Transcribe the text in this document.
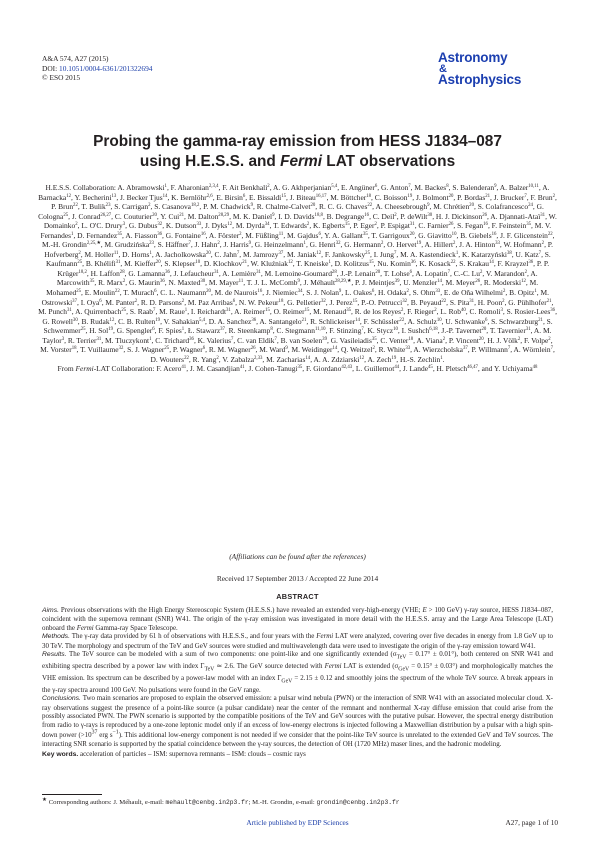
A&A 574, A27 (2015)
DOI: 10.1051/0004-6361/201322694
© ESO 2015
Astronomy
&
Astrophysics
Probing the gamma-ray emission from HESS J1834–087
using H.E.S.S. and Fermi LAT observations
H.E.S.S. Collaboration: A. Abramowski$^1$, F. Aharonian$^{2,3,4}$, F. Ait Benkhali$^2$, A. G. Akhperjanian$^{5,4}$, E. Angüner$^6$, G. Anton$^7$, M. Backes$^8$, S. Balenderan$^9$, A. Balzer$^{10,11}$, A. Barnacka$^{12}$, Y. Becherini$^{13}$, J. Becker Tjus$^{14}$, K. Bernlöhr$^{2,6}$, E. Birsin$^6$, E. Bissaldi$^{15}$, J. Biteau$^{16,17}$, M. Böttcher$^{18}$, C. Boisson$^{19}$, J. Bolmont$^{20}$, P. Bordas$^{21}$, J. Brucker$^7$, F. Brun$^2$, P. Brun$^{22}$, T. Bulik$^{23}$, S. Carrigan$^2$, S. Casanova$^{18,2}$, P. M. Chadwick$^9$, R. Chalme-Calvet$^{20}$, R. C. G. Chaves$^{22}$, A. Cheesebrough$^9$, M. Chrétien$^{20}$, S. Colafrancesco$^{24}$, G. Cologna$^{25}$, J. Conrad$^{26,27}$, C. Couturier$^{20}$, Y. Cui$^{21}$, M. Dalton$^{28,29}$, M. K. Daniel$^9$, I. D. Davids$^{18,8}$, B. Degrange$^{16}$, C. Deil$^2$, P. deWilt$^{30}$, H. J. Dickinson$^{26}$, A. Djannati-Ataï$^{31}$, W. Domainko$^2$, L. O'C. Drury$^3$, G. Dubus$^{32}$, K. Dutson$^{33}$, J. Dyks$^{12}$, M. Dyrda$^{34}$, T. Edwards$^2$, K. Egberts$^{15}$, P. Eger$^2$, P. Espigat$^{31}$, C. Farnier$^{26}$, S. Fegan$^{16}$, F. Feinstein$^{35}$, M. V. Fernandes$^1$, D. Fernandez$^{35}$, A. Fiasson$^{36}$, G. Fontaine$^{16}$, A. Förster$^2$, M. Füßling$^{11}$, M. Gajdus$^6$, Y. A. Gallant$^{35}$, T. Garrigoux$^{20}$, G. Giavitto$^{10}$, B. Giebels$^{16}$, J. F. Glicenstein$^{22}$, M.-H. Grondin$^{2,25,★}$, M. Grudzińska$^{23}$, S. Häffner$^7$, J. Hahn$^2$, J. Harris$^9$, G. Heinzelmann$^1$, G. Henri$^{32}$, G. Hermann$^2$, O. Hervet$^{19}$, A. Hillert$^2$, J. A. Hinton$^{33}$, W. Hofmann$^2$, P. Hofverberg$^2$, M. Holler$^{11}$, D. Horns$^1$, A. Jacholkowska$^{20}$, C. Jahn$^7$, M. Jamrozy$^{37}$, M. Janiak$^{12}$, F. Jankowsky$^{25}$, I. Jung$^7$, M. A. Kastendieck$^1$, K. Katarzyński$^{38}$, U. Katz$^7$, S. Kaufmann$^{25}$, B. Khélifi$^{31}$, M. Kieffer$^{20}$, S. Klepser$^{10}$, D. Klochkov$^{21}$, W. Kluźniak$^{12}$, T. Kneiske$^1$, D. Kolitzus$^{15}$, Nu. Komin$^{36}$, K. Kosack$^{22}$, S. Krakau$^{14}$, F. Krayzel$^{36}$, P. P. Krüger$^{18,2}$, H. Laffon$^{28}$, G. Lamanna$^{36}$, J. Lefaucheur$^{31}$, A. Lemière$^{31}$, M. Lemoine-Goumard$^{28}$, J.-P. Lenain$^{20}$, T. Lohse$^6$, A. Lopatin$^7$, C.-C. Lu$^2$, V. Marandon$^2$, A. Marcowith$^{35}$, R. Marx$^2$, G. Maurin$^{36}$, N. Maxted$^{30}$, M. Mayer$^{11}$, T. J. L. McComb$^9$, J. Méhault$^{28,29,★}$, P. J. Meintjes$^{39}$, U. Menzler$^{14}$, M. Meyer$^{26}$, R. Moderski$^{12}$, M. Mohamed$^{25}$, E. Moulin$^{22}$, T. Murach$^6$, C. L. Naumann$^{20}$, M. de Naurois$^{16}$, J. Niemiec$^{34}$, S. J. Nolan$^9$, L. Oakes$^6$, H. Odaka$^2$, S. Ohm$^{33}$, E. de Oña Wilhelmi$^2$, B. Opitz$^1$, M. Ostrowski$^{37}$, I. Oya$^6$, M. Panter$^2$, R. D. Parsons$^2$, M. Paz Arribas$^6$, N. W. Pekeur$^{18}$, G. Pelletier$^{32}$, J. Perez$^{15}$, P.-O. Petrucci$^{32}$, B. Peyaud$^{22}$, S. Pita$^{31}$, H. Poon$^2$, G. Pühlhofer$^{21}$, M. Punch$^{31}$, A. Quirrenbach$^{25}$, S. Raab$^7$, M. Raue$^1$, I. Reichardt$^{31}$, A. Reimer$^{15}$, O. Reimer$^{15}$, M. Renaud$^{35}$, R. de los Reyes$^2$, F. Rieger$^2$, L. Rob$^{40}$, C. Romoli$^3$, S. Rosier-Lees$^{36}$, G. Rowell$^{30}$, B. Rudak$^{12}$, C. B. Rulten$^{19}$, V. Sahakian$^{5,4}$, D. A. Sanchez$^{36}$, A. Santangelo$^{21}$, R. Schlickeiser$^{14}$, F. Schüssler$^{22}$, A. Schulz$^{10}$, U. Schwanke$^6$, S. Schwarzburg$^{21}$, S. Schwemmer$^{25}$, H. Sol$^{19}$, G. Spengler$^6$, F. Spies$^1$, Ł. Stawarz$^{37}$, R. Steenkamp$^8$, C. Stegmann$^{11,10}$, F. Stinzing$^7$, K. Stycz$^{10}$, I. Sushch$^{6,18}$, J.-P. Tavernet$^{20}$, T. Tavernier$^{31}$, A. M. Taylor$^3$, R. Terrier$^{31}$, M. Tluczykont$^1$, C. Trichard$^{36}$, K. Valerius$^7$, C. van Eldik$^7$, B. van Soelen$^{39}$, G. Vasileiadis$^{35}$, C. Venter$^{18}$, A. Viana$^2$, P. Vincent$^{20}$, H. J. Völk$^2$, F. Volpe$^2$, M. Vorster$^{18}$, T. Vuillaume$^{32}$, S. J. Wagner$^{25}$, P. Wagner$^6$, R. M. Wagner$^{26}$, M. Ward$^9$, M. Weidinger$^{14}$, Q. Weitzel$^2$, R. White$^{33}$, A. Wierzcholska$^{37}$, P. Willmann$^7$, A. Wörnlein$^7$, D. Wouters$^{22}$, R. Yang$^2$, V. Zabalza$^{2,33}$, M. Zacharias$^{14}$, A. A. Zdziarski$^{12}$, A. Zech$^{19}$, H.-S. Zechlin$^1$.
From Fermi-LAT Collaboration: F. Acero$^{41}$, J. M. Casandjian$^{41}$, J. Cohen-Tanugi$^{35}$, F. Giordano$^{42,43}$, L. Guillemot$^{44}$, J. Lande$^{45}$, H. Pletsch$^{46,47}$, and Y. Uchiyama$^{48}$
(Affiliations can be found after the references)
Received 17 September 2013 / Accepted 22 June 2014
ABSTRACT

Aims. Previous observations with the High Energy Stereoscopic System (H.E.S.S.) have revealed an extended very-high-energy (VHE; E > 100 GeV) γ-ray source, HESS J1834–087, coincident with the supernova remnant (SNR) W41. The origin of the γ-ray emission was investigated in more detail with the H.E.S.S. array and the Large Area Telescope (LAT) onboard the Fermi Gamma-ray Space Telescope.

Methods. The γ-ray data provided by 61 h of observations with H.E.S.S., and four years with the Fermi LAT were analyzed, covering over five decades in energy from 1.8 GeV up to 30 TeV. The morphology and spectrum of the TeV and GeV sources were studied and multiwavelength data were used to investigate the origin of the γ-ray emission toward W41.

Results. The TeV source can be modeled with a sum of two components: one point-like and one significantly extended $(\sigma_{TeV} = 0.17^\circ \pm 0.01^\circ)$, both centered on SNR W41 and exhibiting spectra described by a power law with index $\Gamma_{TeV}$ ≃ 2.6. The GeV source detected with Fermi LAT is extended $(\sigma_{GeV} = 0.15^\circ \pm 0.03^\circ)$ and morphologically matches the VHE emission. Its spectrum can be described by a power-law model with an index $\Gamma_{GeV} = 2.15 \pm 0.12$ and smoothly joins the spectrum of the whole TeV source. A break appears in the γ-ray spectra around 100 GeV. No pulsations were found in the GeV range.

Conclusions. Two main scenarios are proposed to explain the observed emission: a pulsar wind nebula (PWN) or the interaction of SNR W41 with an associated molecular cloud. X-ray observations suggest the presence of a point-like source (a pulsar candidate) near the center of the remnant and nonthermal X-ray diffuse emission that could arise from the possibly associated PWN. The PWN scenario is supported by the compatible positions of the TeV and GeV sources with the putative pulsar. However, the spectral energy distribution from radio to γ-rays is reproduced by a one-zone leptonic model only if an excess of low-energy electrons is injected following a Maxwellian distribution by a pulsar with a high spin-down power ($>10^{37}$ erg $s^{-1}$). This additional low-energy component is not needed if we consider that the point-like TeV source is unrelated to the extended GeV and TeV sources. The interacting SNR scenario is supported by the spatial coincidence between the γ-ray sources, the detection of OH (1720 MHz) maser lines, and the hadronic modeling.

Key words. acceleration of particles – ISM: supernova remnants – ISM: clouds – cosmic rays

★ Corresponding authors: J. Méhault, e-mail: mehault@cenbg.in2p3.fr; M.-H. Grondin, e-mail: grondin@cenbg.in2p3.fr
Article published by EDP Sciences	A27, page 1 of 10
